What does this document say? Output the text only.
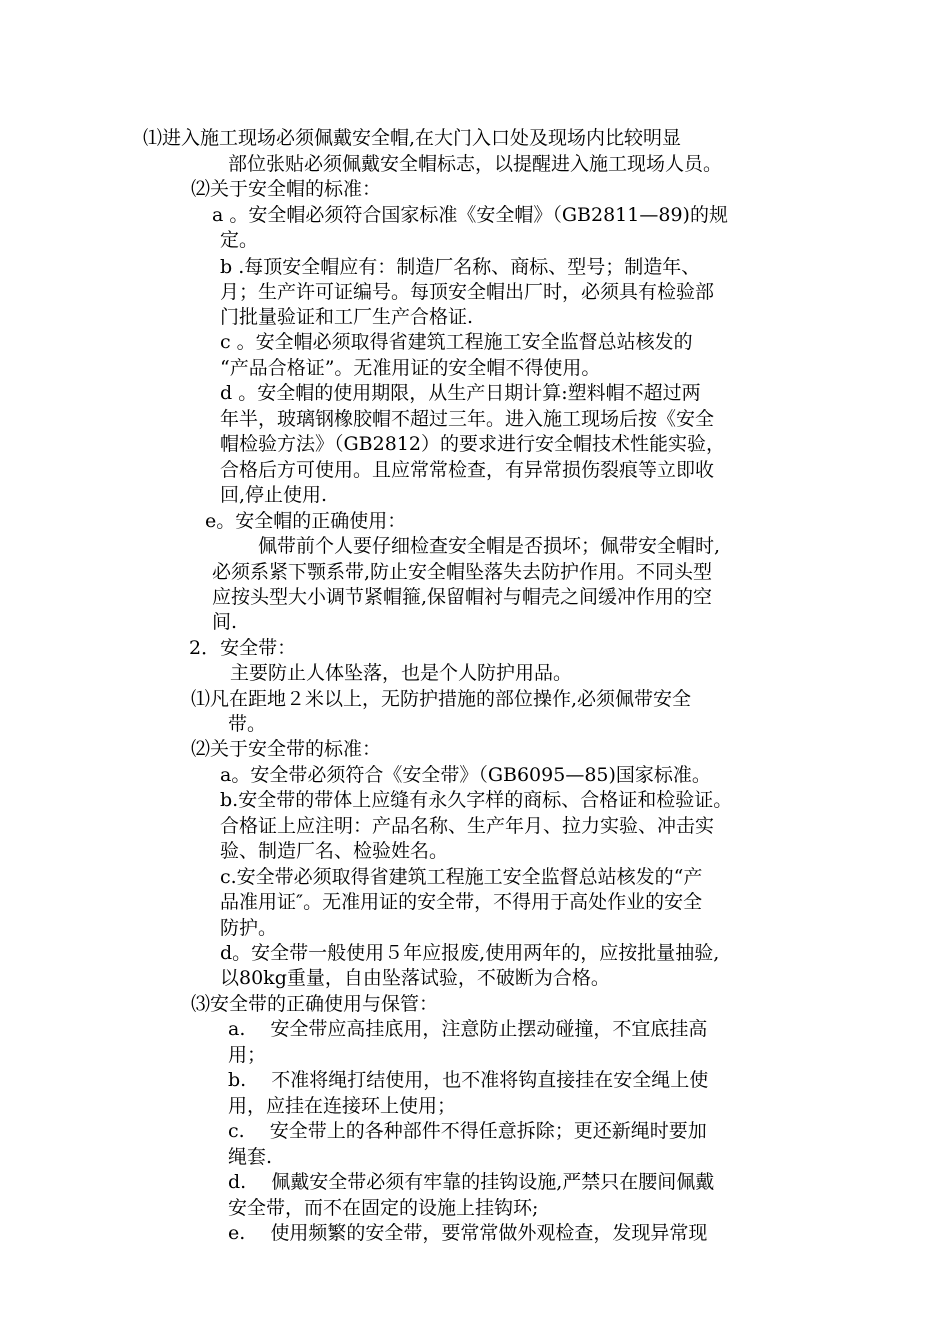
⑴进入施工现场必须佩戴安全帽,在大门入口处及现场内比较明显
部位张贴必须佩戴安全帽标志，以提醒进入施工现场人员。
⑵关于安全帽的标准：
a 。安全帽必须符合国家标准《安全帽》（GB2811—89)的规
定。
b .每顶安全帽应有：制造厂名称、商标、型号；制造年、
月；生产许可证编号。每顶安全帽出厂时，必须具有检验部
门批量验证和工厂生产合格证.
c 。安全帽必须取得省建筑工程施工安全监督总站核发的
“产品合格证”。无准用证的安全帽不得使用。
d 。安全帽的使用期限，从生产日期计算:塑料帽不超过两
年半，玻璃钢橡胶帽不超过三年。进入施工现场后按《安全
帽检验方法》（GB2812）的要求进行安全帽技术性能实验，
合格后方可使用。且应常常检查，有异常损伤裂痕等立即收
回,停止使用.
e。安全帽的正确使用：
佩带前个人要仔细检查安全帽是否损坏；佩带安全帽时,
必须系紧下颚系带,防止安全帽坠落失去防护作用。不同头型
应按头型大小调节紧帽箍,保留帽衬与帽壳之间缓冲作用的空
间.
2．安全带：
主要防止人体坠落，也是个人防护用品。
⑴凡在距地２米以上，无防护措施的部位操作,必须佩带安全
带。
⑵关于安全带的标准：
a。安全带必须符合《安全带》（GB6095—85)国家标准。
b.安全带的带体上应缝有永久字样的商标、合格证和检验证。
合格证上应注明：产品名称、生产年月、拉力实验、冲击实
验、制造厂名、检验姓名。
c.安全带必须取得省建筑工程施工安全监督总站核发的“产
品准用证″。无准用证的安全带，不得用于高处作业的安全
防护。
d。安全带一般使用５年应报废,使用两年的，应按批量抽验,
以80kg重量，自由坠落试验，不破断为合格。
⑶安全带的正确使用与保管：
a.　 安全带应高挂底用，注意防止摆动碰撞，不宜底挂高
用；
b.　 不准将绳打结使用，也不准将钩直接挂在安全绳上使
用，应挂在连接环上使用；
c.　 安全带上的各种部件不得任意拆除；更还新绳时要加
绳套.
d.　 佩戴安全带必须有牢靠的挂钩设施,严禁只在腰间佩戴
安全带，而不在固定的设施上挂钩环;
e.　 使用频繁的安全带，要常常做外观检查，发现异常现
